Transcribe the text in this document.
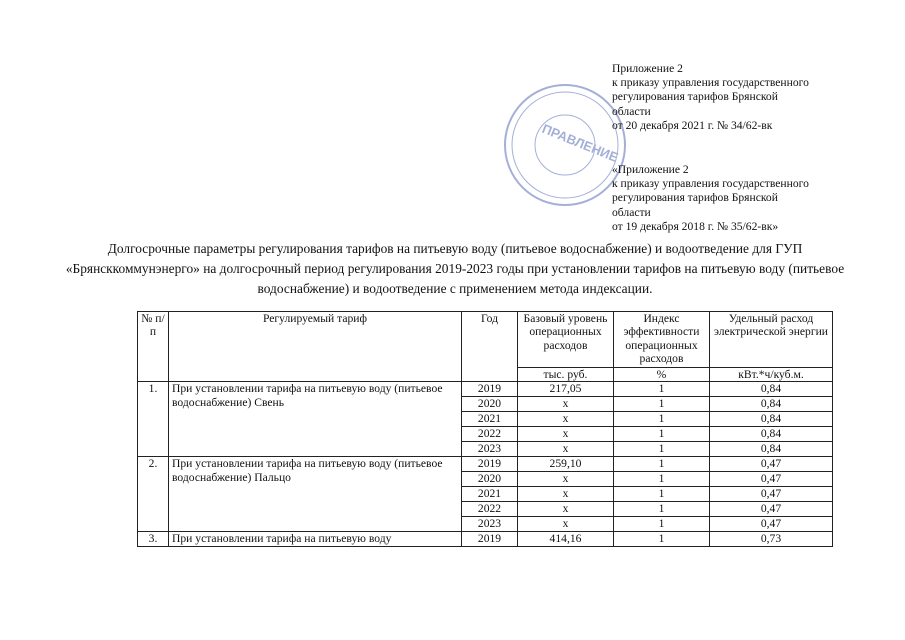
ПРАВЛЕНИЕ
Приложение 2
к приказу управления государственного
регулирования тарифов Брянской
области
от 20 декабря 2021 г. № 34/62-вк
«Приложение 2
к приказу управления государственного
регулирования тарифов Брянской
области
от 19 декабря 2018 г. № 35/62-вк»
Долгосрочные параметры регулирования тарифов на питьевую воду (питьевое водоснабжение) и водоотведение для ГУП «Брянсккоммунэнерго» на долгосрочный период регулирования 2019-2023 годы при установлении тарифов на питьевую воду (питьевое водоснабжение) и водоотведение с применением метода индексации.
№ п/п	Регулируемый тариф	Год	Базовый уровень операционных расходов	Индекс эффективности операционных расходов	Удельный расход электрической энергии
			тыс. руб.	%	кВт.*ч/куб.м.
1.	При установлении тарифа на питьевую воду (питьевое водоснабжение) Свень	2019	217,05	1	0,84
		2020	х	1	0,84
		2021	х	1	0,84
		2022	х	1	0,84
		2023	х	1	0,84
2.	При установлении тарифа на питьевую воду (питьевое водоснабжение) Пальцо	2019	259,10	1	0,47
		2020	х	1	0,47
		2021	х	1	0,47
		2022	х	1	0,47
		2023	х	1	0,47
3.	При установлении тарифа на питьевую воду	2019	414,16	1	0,73
